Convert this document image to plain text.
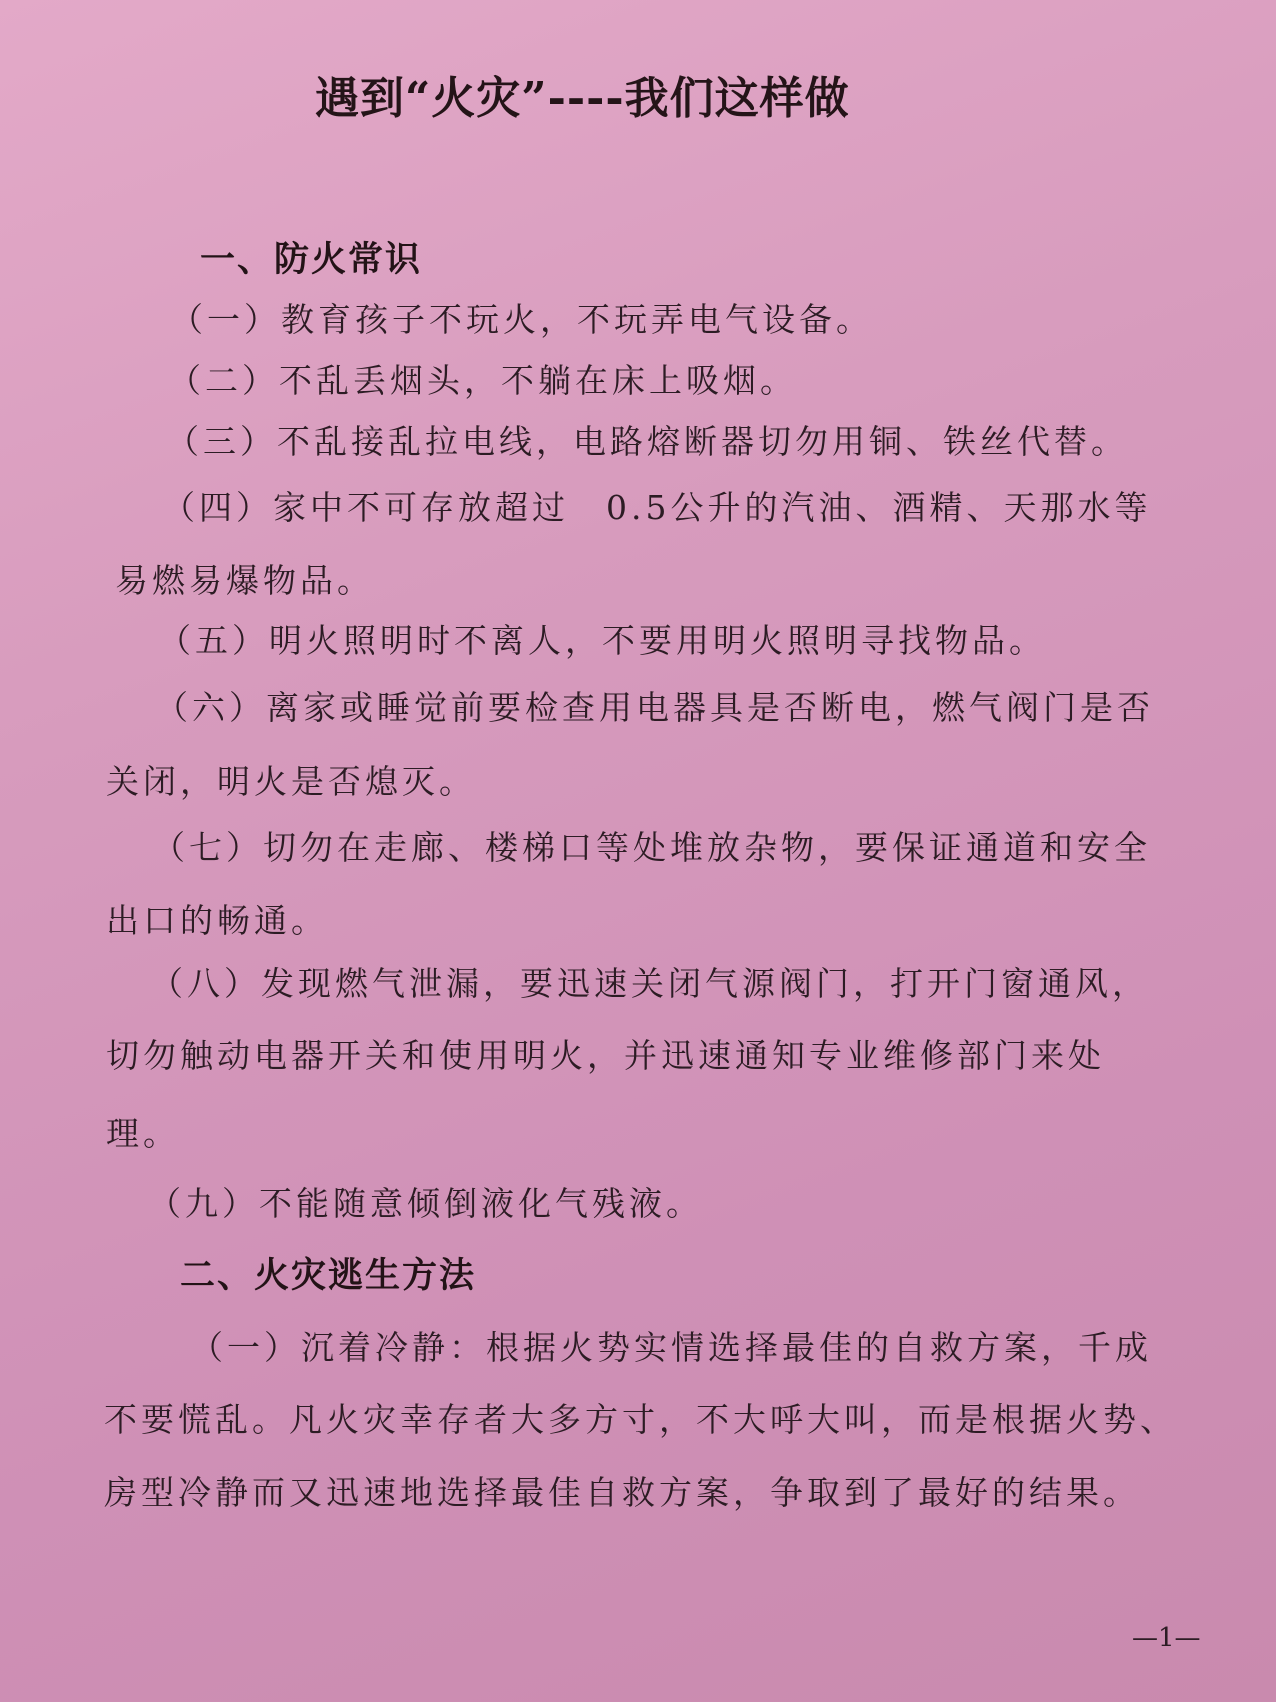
遇到“火灾”----我们这样做
一、防火常识
（一）教育孩子不玩火，不玩弄电气设备。
（二）不乱丢烟头，不躺在床上吸烟。
（三）不乱接乱拉电线，电路熔断器切勿用铜、铁丝代替。
（四）家中不可存放超过　0.5公升的汽油、酒精、天那水等
易燃易爆物品。
（五）明火照明时不离人，不要用明火照明寻找物品。
（六）离家或睡觉前要检查用电器具是否断电，燃气阀门是否
关闭，明火是否熄灭。
（七）切勿在走廊、楼梯口等处堆放杂物，要保证通道和安全
出口的畅通。
（八）发现燃气泄漏，要迅速关闭气源阀门，打开门窗通风，
切勿触动电器开关和使用明火，并迅速通知专业维修部门来处
理。
（九）不能随意倾倒液化气残液。
二、火灾逃生方法
（一）沉着冷静：根据火势实情选择最佳的自救方案，千成
不要慌乱。凡火灾幸存者大多方寸，不大呼大叫，而是根据火势、
房型冷静而又迅速地选择最佳自救方案，争取到了最好的结果。
—1—
